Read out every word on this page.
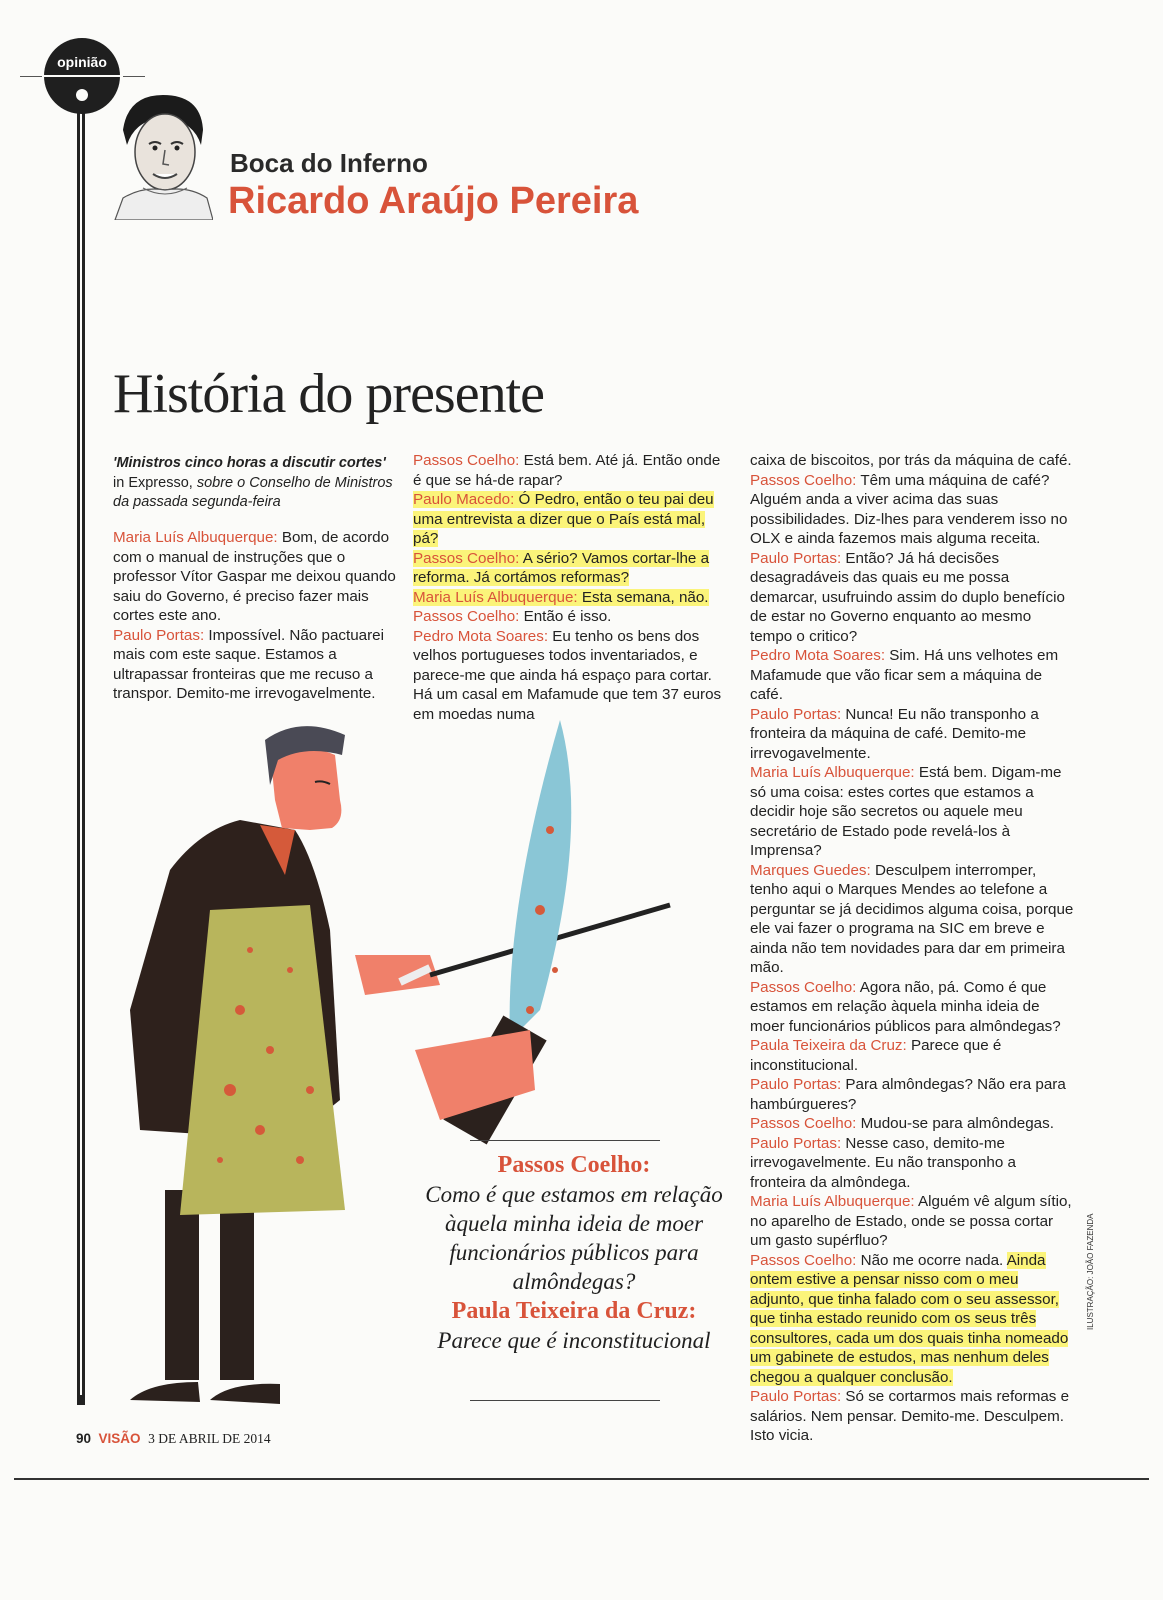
opinião
Boca do Inferno
Ricardo Araújo Pereira
História do presente
'Ministros cinco horas a discutir cortes' in Expresso, sobre o Conselho de Ministros da passada segunda-feira

Maria Luís Albuquerque: Bom, de acordo com o manual de instruções que o professor Vítor Gaspar me deixou quando saiu do Governo, é preciso fazer mais cortes este ano.

Paulo Portas: Impossível. Não pactuarei mais com este saque. Estamos a ultrapassar fronteiras que me recuso a transpor. Demito-me irrevogavelmente.

Passos Coelho: Está bem. Até já. Então onde é que se há-de rapar?

Paulo Macedo: Ó Pedro, então o teu pai deu uma entrevista a dizer que o País está mal, pá?

Passos Coelho: A sério? Vamos cortar-lhe a reforma. Já cortámos reformas?

Maria Luís Albuquerque: Esta semana, não.

Passos Coelho: Então é isso.

Pedro Mota Soares: Eu tenho os bens dos velhos portugueses todos inventariados, e parece-me que ainda há espaço para cortar. Há um casal em Mafamude que tem 37 euros em moedas numa

caixa de biscoitos, por trás da máquina de café.

Passos Coelho: Têm uma máquina de café? Alguém anda a viver acima das suas possibilidades. Diz-lhes para venderem isso no OLX e ainda fazemos mais alguma receita.

Paulo Portas: Então? Já há decisões desagradáveis das quais eu me possa demarcar, usufruindo assim do duplo benefício de estar no Governo enquanto ao mesmo tempo o critico?

Pedro Mota Soares: Sim. Há uns velhotes em Mafamude que vão ficar sem a máquina de café.

Paulo Portas: Nunca! Eu não transponho a fronteira da máquina de café. Demito-me irrevogavelmente.

Maria Luís Albuquerque: Está bem. Digam-me só uma coisa: estes cortes que estamos a decidir hoje são secretos ou aquele meu secretário de Estado pode revelá-los à Imprensa?

Marques Guedes: Desculpem interromper, tenho aqui o Marques Mendes ao telefone a perguntar se já decidimos alguma coisa, porque ele vai fazer o programa na SIC em breve e ainda não tem novidades para dar em primeira mão.

Passos Coelho: Agora não, pá. Como é que estamos em relação àquela minha ideia de moer funcionários públicos para almôndegas?

Paula Teixeira da Cruz: Parece que é inconstitucional.

Paulo Portas: Para almôndegas? Não era para hambúrgueres?

Passos Coelho: Mudou-se para almôndegas.

Paulo Portas: Nesse caso, demito-me irrevogavelmente. Eu não transponho a fronteira da almôndega.

Maria Luís Albuquerque: Alguém vê algum sítio, no aparelho de Estado, onde se possa cortar um gasto supérfluo?

Passos Coelho: Não me ocorre nada. Ainda ontem estive a pensar nisso com o meu adjunto, que tinha falado com o seu assessor, que tinha estado reunido com os seus três consultores, cada um dos quais tinha nomeado um gabinete de estudos, mas nenhum deles chegou a qualquer conclusão.

Paulo Portas: Só se cortarmos mais reformas e salários. Nem pensar. Demito-me. Desculpem. Isto vicia.

Passos Coelho:
Como é que estamos em relação àquela minha ideia de moer funcionários públicos para almôndegas?
Paula Teixeira da Cruz:
Parece que é inconstitucional
ILUSTRAÇÃO: JOÃO FAZENDA
90 VISÃO 3 DE ABRIL DE 2014
